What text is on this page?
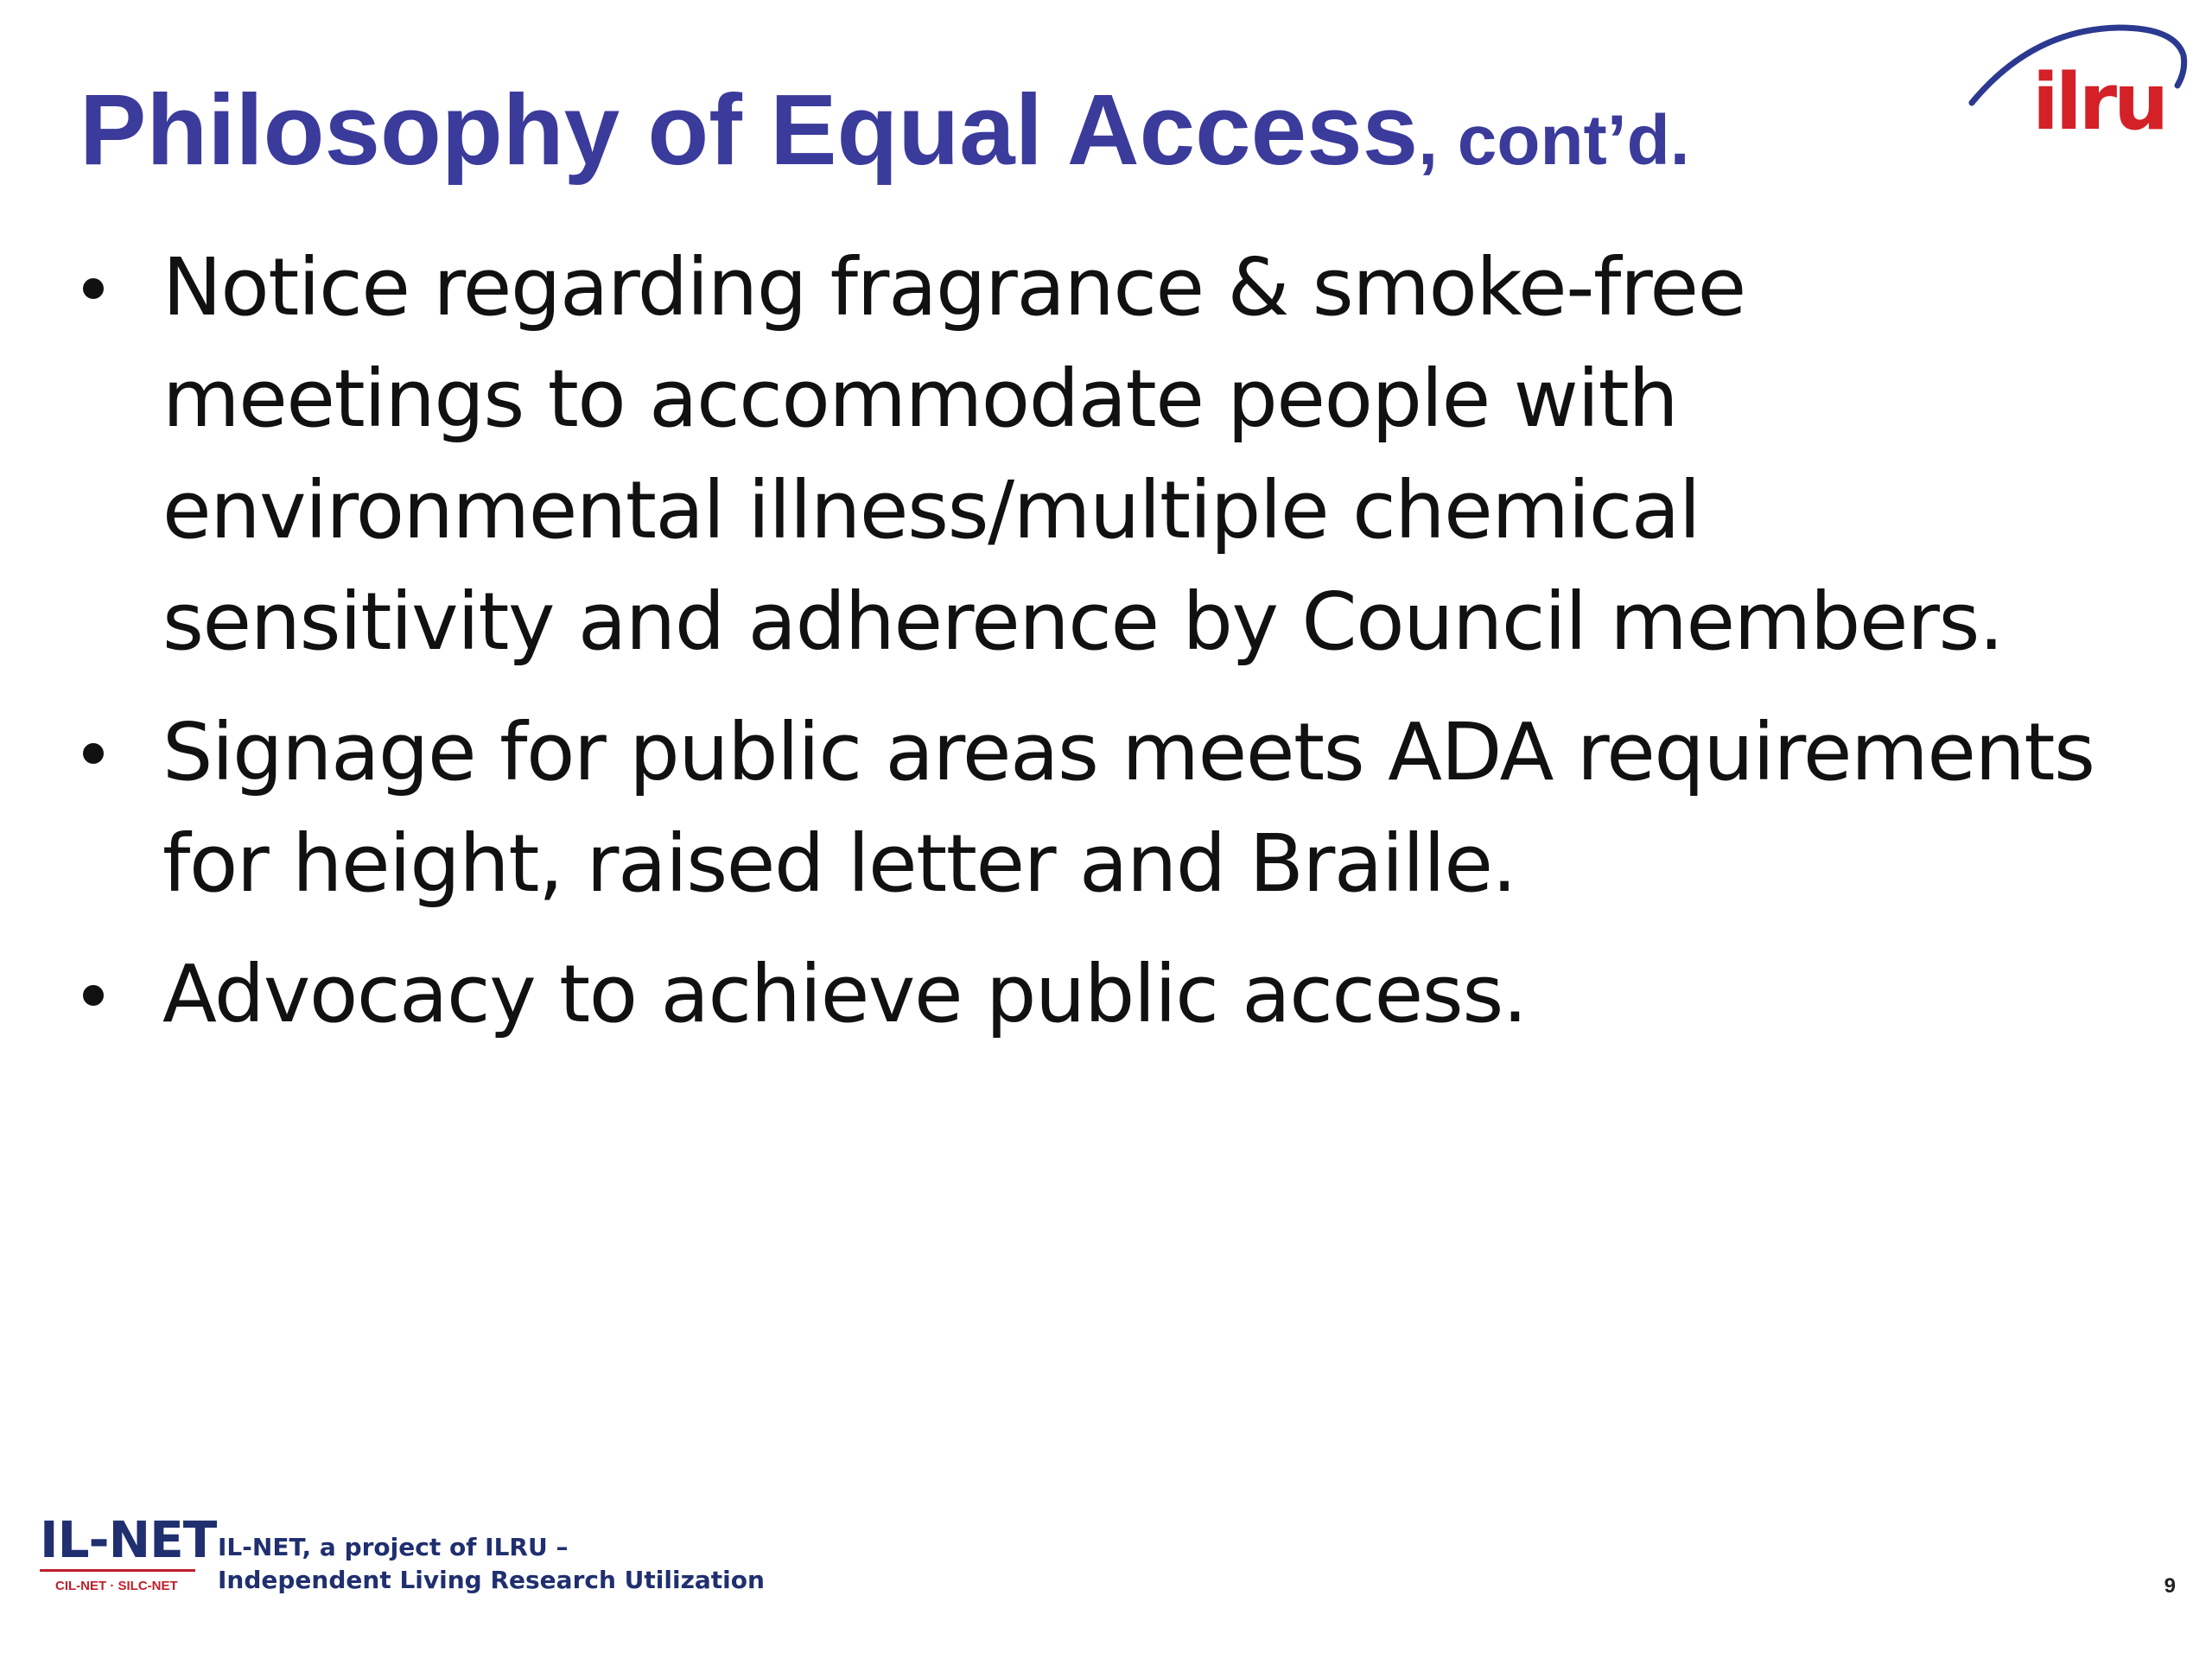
Philosophy of Equal Access, cont’d.	ilru
Notice regarding fragrance & smoke-free meetings to accommodate people with environmental illness/multiple chemical sensitivity and adherence by Council members.
Signage for public areas meets ADA requirements for height, raised letter and Braille.
Advocacy to achieve public access.
IL-NET
CIL-NET · SILC-NET
IL-NET, a project of ILRU –
Independent Living Research Utilization	9
